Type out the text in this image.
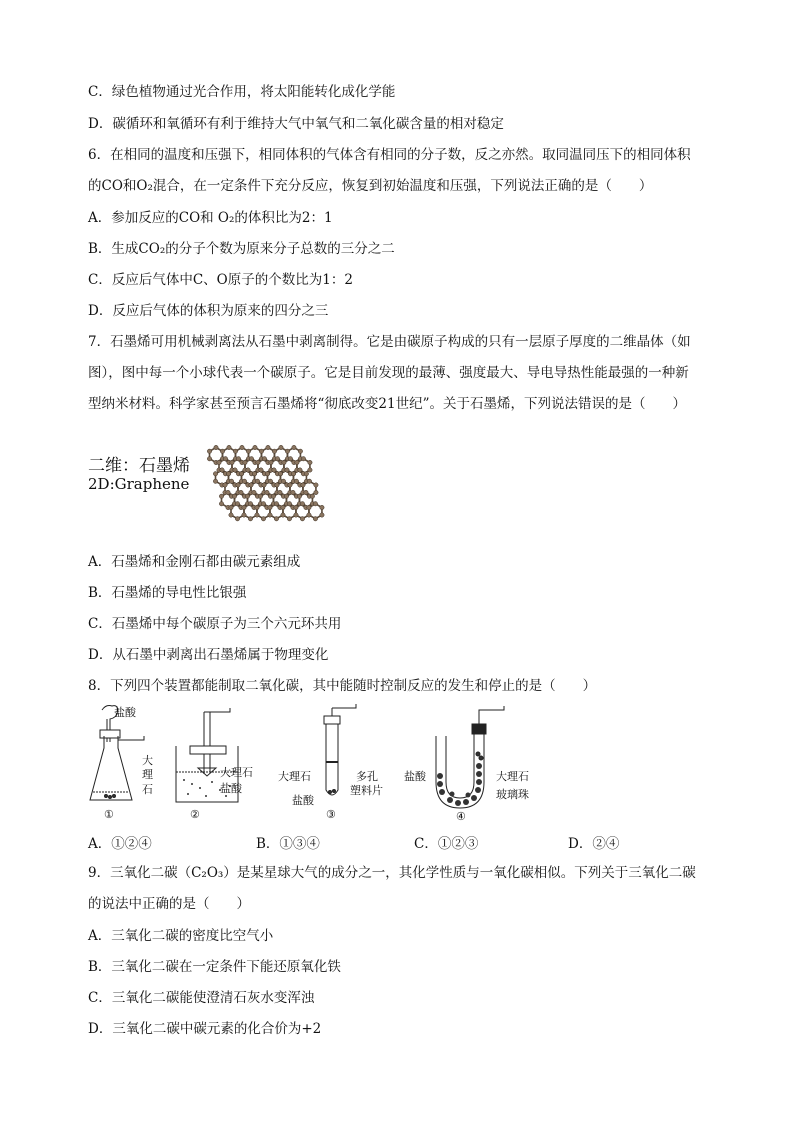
C．绿色植物通过光合作用，将太阳能转化成化学能
D．碳循环和氧循环有利于维持大气中氧气和二氧化碳含量的相对稳定
6．在相同的温度和压强下，相同体积的气体含有相同的分子数，反之亦然。取同温同压下的相同体积
的CO和O₂混合，在一定条件下充分反应，恢复到初始温度和压强，下列说法正确的是（　　）
A．参加反应的CO和 O₂的体积比为2：1
B．生成CO₂的分子个数为原来分子总数的三分之二
C．反应后气体中C、O原子的个数比为1：2
D．反应后气体的体积为原来的四分之三
7．石墨烯可用机械剥离法从石墨中剥离制得。它是由碳原子构成的只有一层原子厚度的二维晶体（如
图），图中每一个小球代表一个碳原子。它是目前发现的最薄、强度最大、导电导热性能最强的一种新
型纳米材料。科学家甚至预言石墨烯将“彻底改变21世纪”。关于石墨烯，下列说法错误的是（　　）
二维：石墨烯
2D:Graphene
A．石墨烯和金刚石都由碳元素组成
B．石墨烯的导电性比银强
C．石墨烯中每个碳原子为三个六元环共用
D．从石墨中剥离出石墨烯属于物理变化
8．下列四个装置都能制取二氧化碳，其中能随时控制反应的发生和停止的是（　　）
盐酸
大
理
石
①
大理石
盐酸
②
大理石
盐酸
多孔
塑料片
③
盐酸	大理石
玻璃珠
④
A．①②④	B．①③④	C．①②③	D．②④
9．三氧化二碳（C₂O₃）是某星球大气的成分之一，其化学性质与一氧化碳相似。下列关于三氧化二碳
的说法中正确的是（　　）
A．三氧化二碳的密度比空气小
B．三氧化二碳在一定条件下能还原氧化铁
C．三氧化二碳能使澄清石灰水变浑浊
D．三氧化二碳中碳元素的化合价为+2
